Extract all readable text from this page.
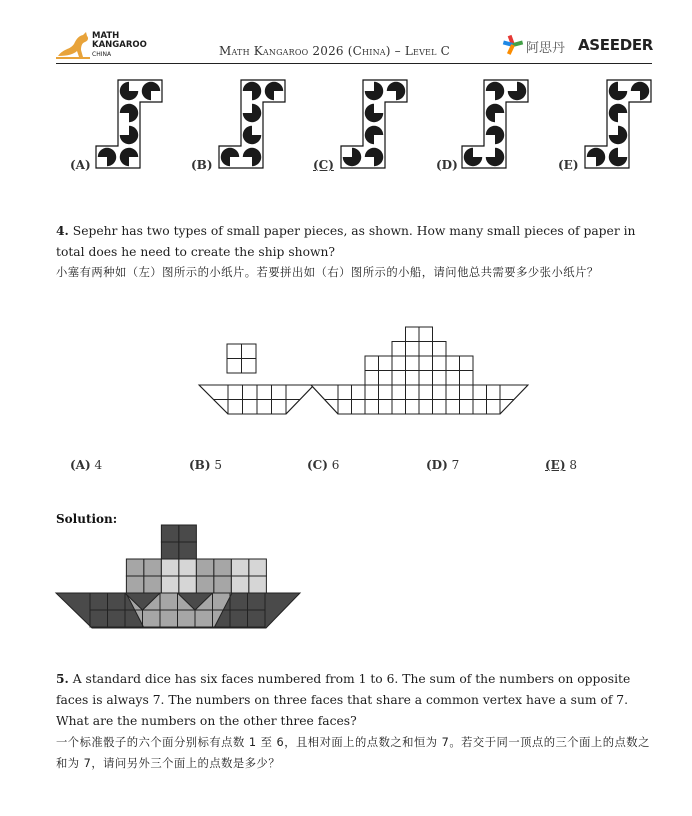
MATH
KANGAROO
CHINA	Math Kangaroo 2026 (China) – Level C	阿思丹 ASEEDER
(A)	(B)	(C)	(D)	(E)
4. Sepehr has two types of small paper pieces, as shown. How many small pieces of paper in total does he need to create the ship shown?
小塞有两种如（左）图所示的小纸片。若要拼出如（右）图所示的小船，请问他总共需要多少张小纸片？
(A) 4	(B) 5	(C) 6	(D) 7	(E) 8
Solution:
5. A standard dice has six faces numbered from 1 to 6. The sum of the numbers on opposite faces is always 7. The numbers on three faces that share a common vertex have a sum of 7. What are the numbers on the other three faces?
一个标准骰子的六个面分别标有点数 1 至 6，且相对面上的点数之和恒为 7。若交于同一顶点的三个面上的点数之和为 7，请问另外三个面上的点数是多少？
